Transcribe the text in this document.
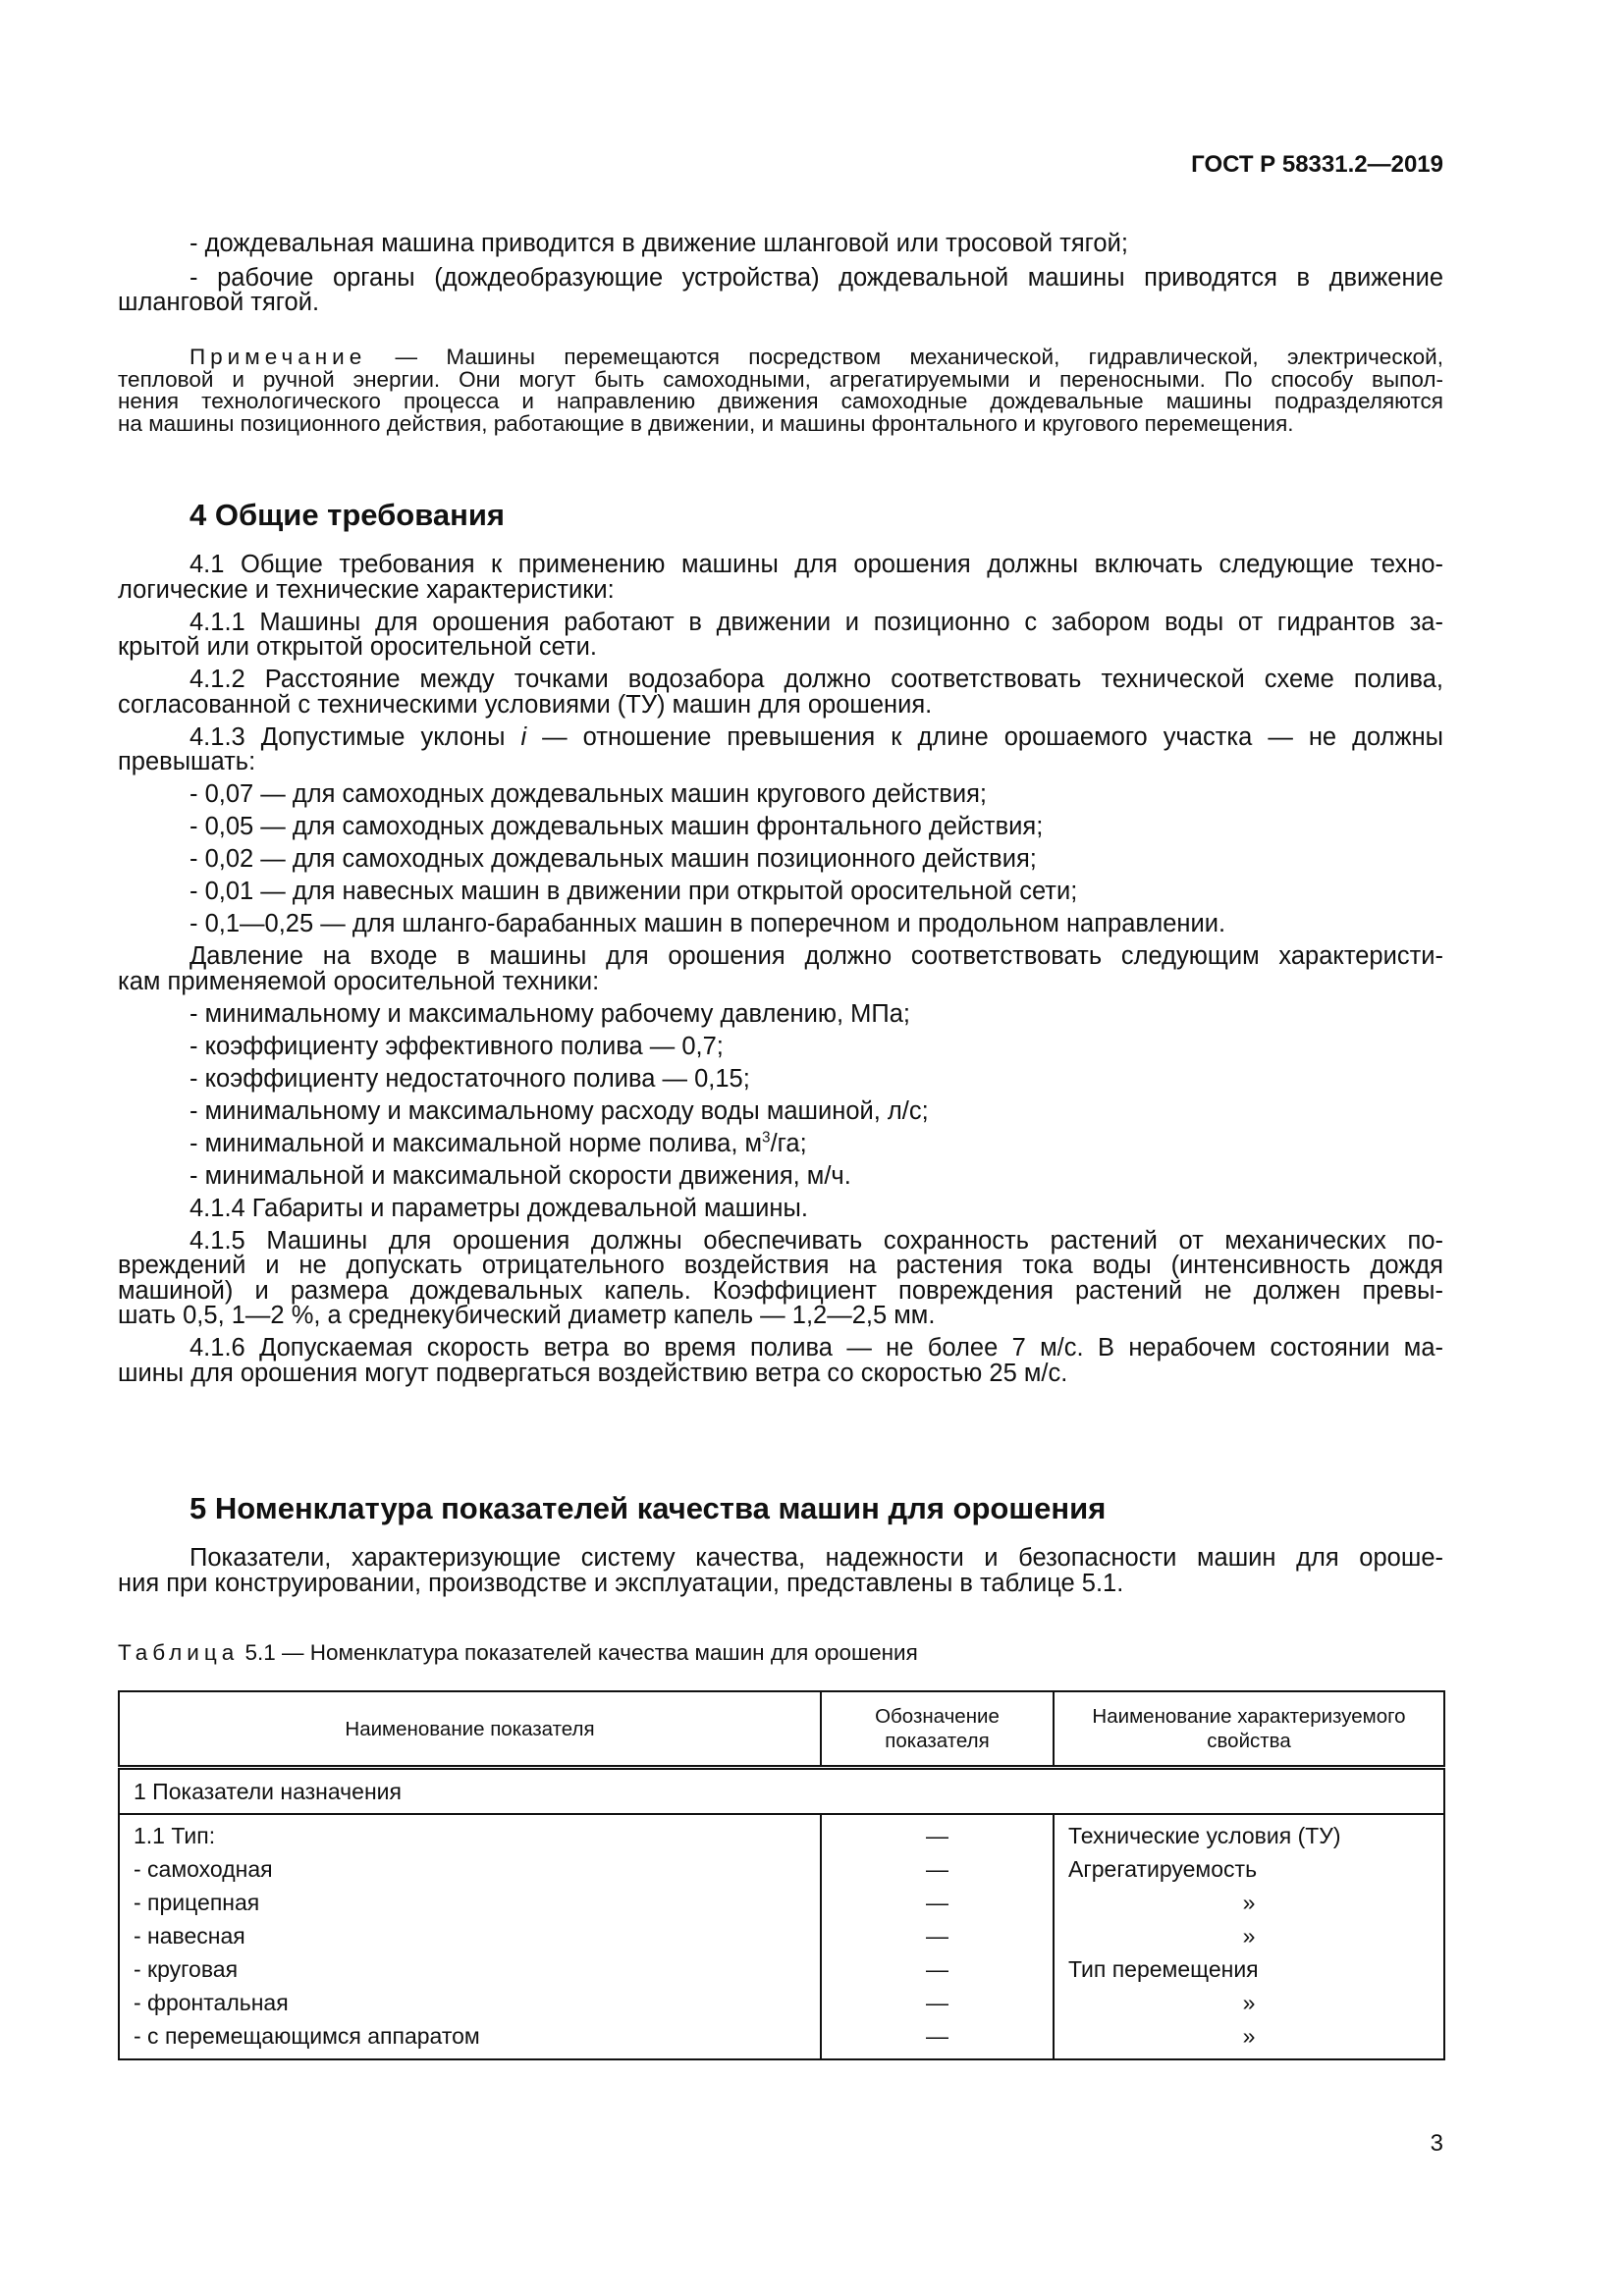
ГОСТ Р 58331.2—2019
- дождевальная машина приводится в движение шланговой или тросовой тягой;
- рабочие органы (дождеобразующие устройства) дождевальной машины приводятся в движение
шланговой тягой.
Примечание — Машины перемещаются посредством механической, гидравлической, электрической,
тепловой и ручной энергии. Они могут быть самоходными, агрегатируемыми и переносными. По способу выпол-
нения технологического процесса и направлению движения самоходные дождевальные машины подразделяются
на машины позиционного действия, работающие в движении, и машины фронтального и кругового перемещения.
4 Общие требования
4.1 Общие требования к применению машины для орошения должны включать следующие техно-
логические и технические характеристики:
4.1.1 Машины для орошения работают в движении и позиционно с забором воды от гидрантов за-
крытой или открытой оросительной сети.
4.1.2 Расстояние между точками водозабора должно соответствовать технической схеме полива,
согласованной с техническими условиями (ТУ) машин для орошения.
4.1.3 Допустимые уклоны i — отношение превышения к длине орошаемого участка — не должны
превышать:
- 0,07 — для самоходных дождевальных машин кругового действия;
- 0,05 — для самоходных дождевальных машин фронтального действия;
- 0,02 — для самоходных дождевальных машин позиционного действия;
- 0,01 — для навесных машин в движении при открытой оросительной сети;
- 0,1—0,25 — для шланго-барабанных машин в поперечном и продольном направлении.
Давление на входе в машины для орошения должно соответствовать следующим характеристи-
кам применяемой оросительной техники:
- минимальному и максимальному рабочему давлению, МПа;
- коэффициенту эффективного полива — 0,7;
- коэффициенту недостаточного полива — 0,15;
- минимальному и максимальному расходу воды машиной, л/с;
- минимальной и максимальной норме полива, $м^3/га$;
- минимальной и максимальной скорости движения, м/ч.
4.1.4 Габариты и параметры дождевальной машины.
4.1.5 Машины для орошения должны обеспечивать сохранность растений от механических по-
вреждений и не допускать отрицательного воздействия на растения тока воды (интенсивность дождя
машиной) и размера дождевальных капель. Коэффициент повреждения растений не должен превы-
шать 0,5, 1—2 %, а среднекубический диаметр капель — 1,2—2,5 мм.
4.1.6 Допускаемая скорость ветра во время полива — не более 7 м/с. В нерабочем состоянии ма-
шины для орошения могут подвергаться воздействию ветра со скоростью 25 м/с.
5 Номенклатура показателей качества машин для орошения
Показатели, характеризующие систему качества, надежности и безопасности машин для ороше-
ния при конструировании, производстве и эксплуатации, представлены в таблице 5.1.
Таблица 5.1 — Номенклатура показателей качества машин для орошения
Наименование показателя	Обозначение показателя	Наименование характеризуемого свойства
1 Показатели назначения

1.1 Тип:
- самоходная
- прицепная
- навесная
- круговая
- фронтальная
- с перемещающимся аппаратом

—
—
—
—
—
—
—

Технические условия (ТУ)
Агрегатируемость
»
»
Тип перемещения
»
»
3
